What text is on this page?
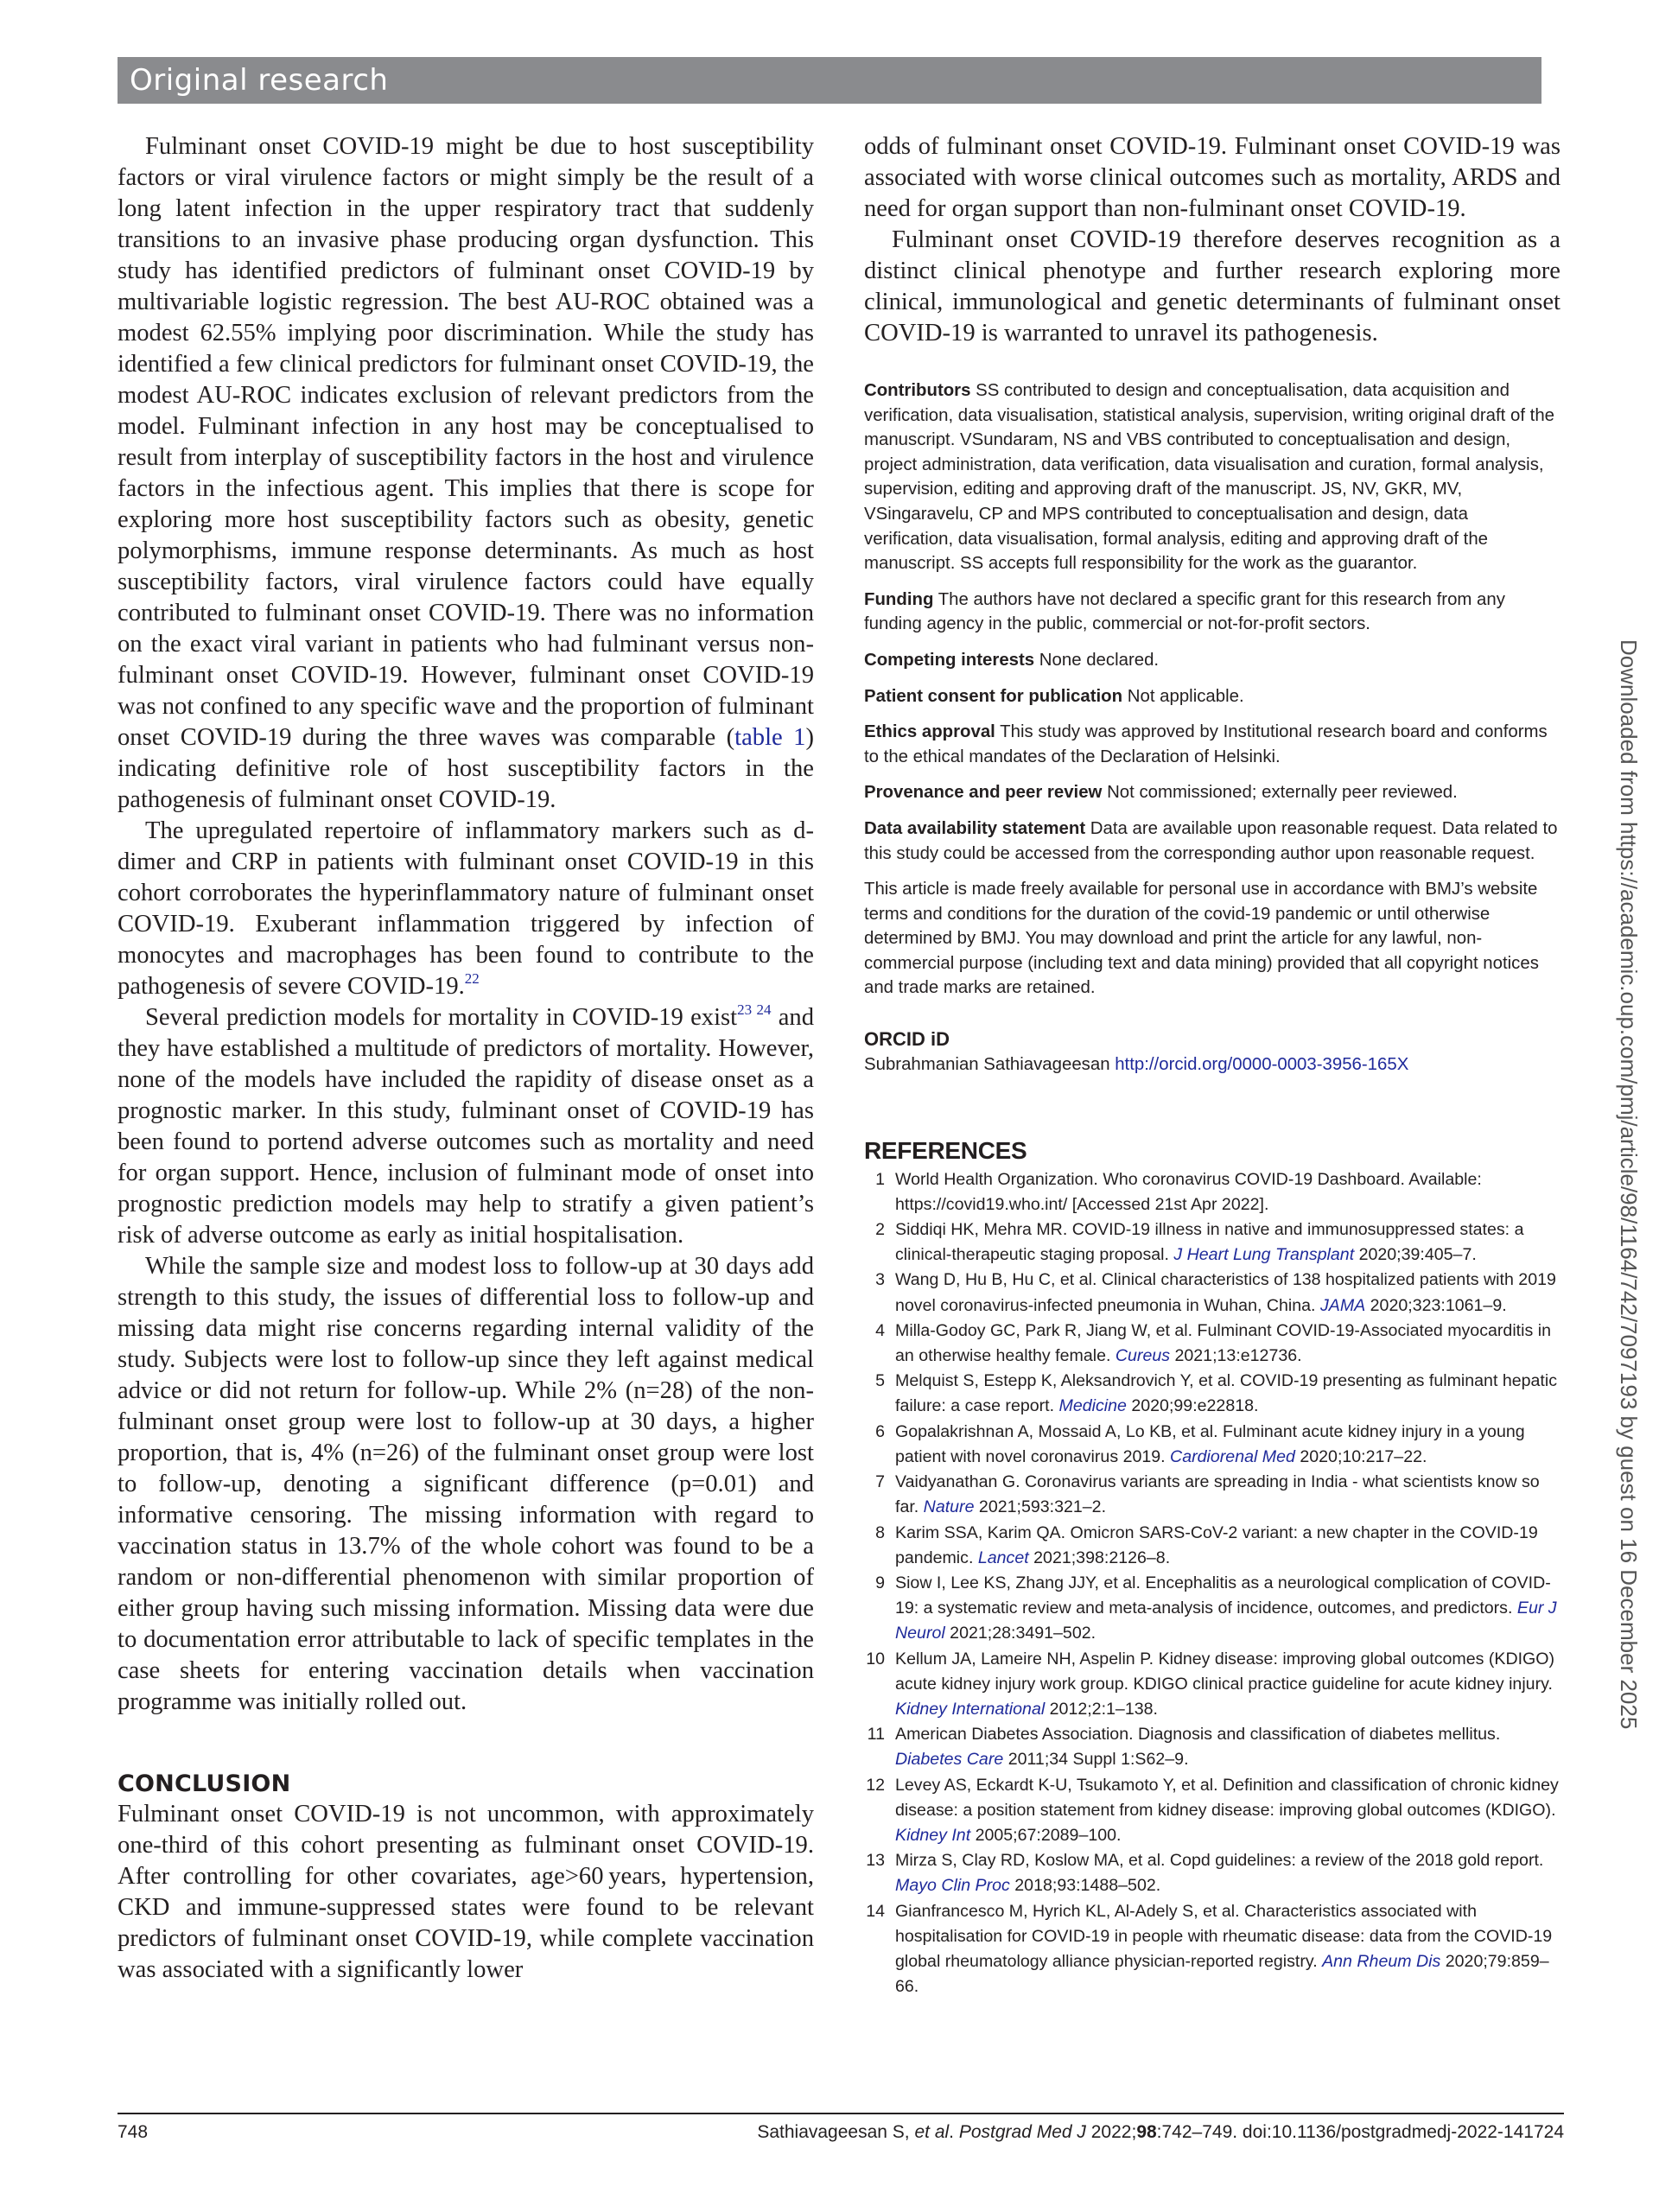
Original research

Fulminant onset COVID-19 might be due to host susceptibility factors or viral virulence factors or might simply be the result of a long latent infection in the upper respiratory tract that suddenly transitions to an invasive phase producing organ dysfunction. This study has identified predictors of fulminant onset COVID-19 by multivariable logistic regression. The best AU-ROC obtained was a modest 62.55% implying poor discrimination. While the study has identified a few clinical predictors for fulminant onset COVID-19, the modest AU-ROC indicates exclusion of relevant predictors from the model. Fulminant infection in any host may be conceptualised to result from interplay of susceptibility factors in the host and virulence factors in the infectious agent. This implies that there is scope for exploring more host susceptibility factors such as obesity, genetic polymorphisms, immune response determinants. As much as host susceptibility factors, viral virulence factors could have equally contributed to fulminant onset COVID-19. There was no information on the exact viral variant in patients who had fulminant versus non-fulminant onset COVID-19. However, fulminant onset COVID-19 was not confined to any specific wave and the proportion of fulminant onset COVID-19 during the three waves was comparable (table 1) indicating definitive role of host susceptibility factors in the pathogenesis of fulminant onset COVID-19.

The upregulated repertoire of inflammatory markers such as d-dimer and CRP in patients with fulminant onset COVID-19 in this cohort corroborates the hyperinflammatory nature of fulminant onset COVID-19. Exuberant inflammation triggered by infection of monocytes and macrophages has been found to contribute to the pathogenesis of severe COVID-19.22

Several prediction models for mortality in COVID-19 exist$^{23 24}$ and they have established a multitude of predictors of mortality. However, none of the models have included the rapidity of disease onset as a prognostic marker. In this study, fulminant onset of COVID-19 has been found to portend adverse outcomes such as mortality and need for organ support. Hence, inclusion of fulminant mode of onset into prognostic prediction models may help to stratify a given patient’s risk of adverse outcome as early as initial hospitalisation.

While the sample size and modest loss to follow-up at 30 days add strength to this study, the issues of differential loss to follow-up and missing data might rise concerns regarding internal validity of the study. Subjects were lost to follow-up since they left against medical advice or did not return for follow-up. While 2% (n=28) of the non-fulminant onset group were lost to follow-up at 30 days, a higher proportion, that is, 4% (n=26) of the fulminant onset group were lost to follow-up, denoting a significant difference (p=0.01) and informative censoring. The missing information with regard to vaccination status in 13.7% of the whole cohort was found to be a random or non-differential phenomenon with similar proportion of either group having such missing information. Missing data were due to documentation error attributable to lack of specific templates in the case sheets for entering vaccination details when vaccination programme was initially rolled out.

CONCLUSION

Fulminant onset COVID-19 is not uncommon, with approximately one-third of this cohort presenting as fulminant onset COVID-19. After controlling for other covariates, age>60 years, hypertension, CKD and immune-suppressed states were found to be relevant predictors of fulminant onset COVID-19, while complete vaccination was associated with a significantly lower

odds of fulminant onset COVID-19. Fulminant onset COVID-19 was associated with worse clinical outcomes such as mortality, ARDS and need for organ support than non-fulminant onset COVID-19.

Fulminant onset COVID-19 therefore deserves recognition as a distinct clinical phenotype and further research exploring more clinical, immunological and genetic determinants of fulminant onset COVID-19 is warranted to unravel its pathogenesis.

Contributors SS contributed to design and conceptualisation, data acquisition and verification, data visualisation, statistical analysis, supervision, writing original draft of the manuscript. VSundaram, NS and VBS contributed to conceptualisation and design, project administration, data verification, data visualisation and curation, formal analysis, supervision, editing and approving draft of the manuscript. JS, NV, GKR, MV, VSingaravelu, CP and MPS contributed to conceptualisation and design, data verification, data visualisation, formal analysis, editing and approving draft of the manuscript. SS accepts full responsibility for the work as the guarantor.

Funding The authors have not declared a specific grant for this research from any funding agency in the public, commercial or not-for-profit sectors.

Competing interests None declared.

Patient consent for publication Not applicable.

Ethics approval This study was approved by Institutional research board and conforms to the ethical mandates of the Declaration of Helsinki.

Provenance and peer review Not commissioned; externally peer reviewed.

Data availability statement Data are available upon reasonable request. Data related to this study could be accessed from the corresponding author upon reasonable request.

This article is made freely available for personal use in accordance with BMJ’s website terms and conditions for the duration of the covid-19 pandemic or until otherwise determined by BMJ. You may download and print the article for any lawful, non-commercial purpose (including text and data mining) provided that all copyright notices and trade marks are retained.

ORCID iD

Subrahmanian Sathiavageesan http://orcid.org/0000-0003-3956-165X

REFERENCES
1 World Health Organization. Who coronavirus COVID-19 Dashboard. Available: https://covid19.who.int/ [Accessed 21st Apr 2022].
2 Siddiqi HK, Mehra MR. COVID-19 illness in native and immunosuppressed states: a clinical-therapeutic staging proposal. J Heart Lung Transplant 2020;39:405–7.
3 Wang D, Hu B, Hu C, et al. Clinical characteristics of 138 hospitalized patients with 2019 novel coronavirus-infected pneumonia in Wuhan, China. JAMA 2020;323:1061–9.
4 Milla-Godoy GC, Park R, Jiang W, et al. Fulminant COVID-19-Associated myocarditis in an otherwise healthy female. Cureus 2021;13:e12736.
5 Melquist S, Estepp K, Aleksandrovich Y, et al. COVID-19 presenting as fulminant hepatic failure: a case report. Medicine 2020;99:e22818.
6 Gopalakrishnan A, Mossaid A, Lo KB, et al. Fulminant acute kidney injury in a young patient with novel coronavirus 2019. Cardiorenal Med 2020;10:217–22.
7 Vaidyanathan G. Coronavirus variants are spreading in India - what scientists know so far. Nature 2021;593:321–2.
8 Karim SSA, Karim QA. Omicron SARS-CoV-2 variant: a new chapter in the COVID-19 pandemic. Lancet 2021;398:2126–8.
9 Siow I, Lee KS, Zhang JJY, et al. Encephalitis as a neurological complication of COVID-19: a systematic review and meta-analysis of incidence, outcomes, and predictors. Eur J Neurol 2021;28:3491–502.
10 Kellum JA, Lameire NH, Aspelin P. Kidney disease: improving global outcomes (KDIGO) acute kidney injury work group. KDIGO clinical practice guideline for acute kidney injury. Kidney International 2012;2:1–138.
11 American Diabetes Association. Diagnosis and classification of diabetes mellitus. Diabetes Care 2011;34 Suppl 1:S62–9.
12 Levey AS, Eckardt K-U, Tsukamoto Y, et al. Definition and classification of chronic kidney disease: a position statement from kidney disease: improving global outcomes (KDIGO). Kidney Int 2005;67:2089–100.
13 Mirza S, Clay RD, Koslow MA, et al. Copd guidelines: a review of the 2018 gold report. Mayo Clin Proc 2018;93:1488–502.
14 Gianfrancesco M, Hyrich KL, Al-Adely S, et al. Characteristics associated with hospitalisation for COVID-19 in people with rheumatic disease: data from the COVID-19 global rheumatology alliance physician-reported registry. Ann Rheum Dis 2020;79:859–66.
748	Sathiavageesan S, et al. Postgrad Med J 2022;98:742–749. doi:10.1136/postgradmedj-2022-141724
Downloaded from https://academic.oup.com/pmj/article/98/1164/742/7097193 by guest on 16 December 2025
